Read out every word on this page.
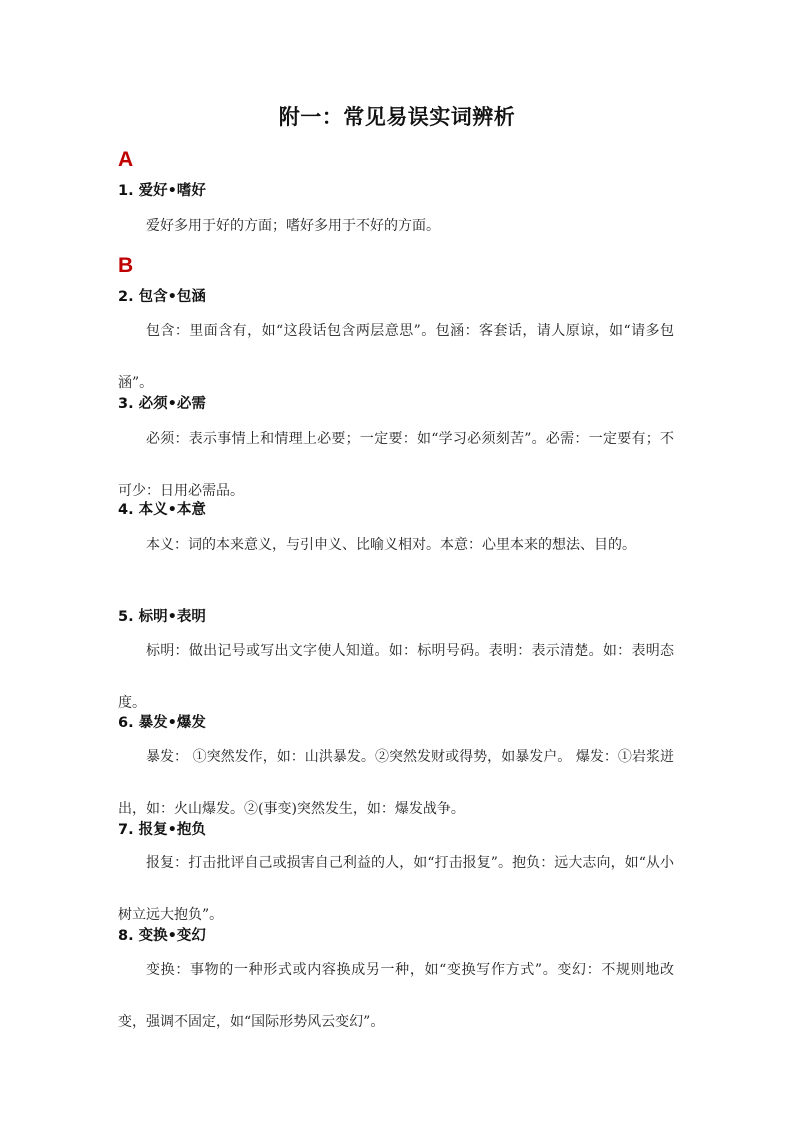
附一：常见易误实词辨析
A
1. 爱好•嗜好

爱好多用于好的方面；嗜好多用于不好的方面。

B
2. 包含•包涵

包含：里面含有，如“这段话包含两层意思”。包涵：客套话，请人原谅，如“请多包涵”。

3. 必须•必需

必须：表示事情上和情理上必要；一定要：如“学习必须刻苦”。必需：一定要有；不可少：日用必需品。

4. 本义•本意

本义：词的本来意义，与引申义、比喻义相对。本意：心里本来的想法、目的。

5. 标明•表明

标明：做出记号或写出文字使人知道。如：标明号码。表明：表示清楚。如：表明态度。

6. 暴发•爆发

暴发： ①突然发作，如：山洪暴发。②突然发财或得势，如暴发户。 爆发：①岩浆迸出，如：火山爆发。②(事变)突然发生，如：爆发战争。

7. 报复•抱负

报复：打击批评自己或损害自己利益的人，如“打击报复”。抱负：远大志向，如“从小树立远大抱负”。

8. 变换•变幻

变换：事物的一种形式或内容换成另一种，如“变换写作方式”。变幻：不规则地改变，强调不固定，如“国际形势风云变幻”。
